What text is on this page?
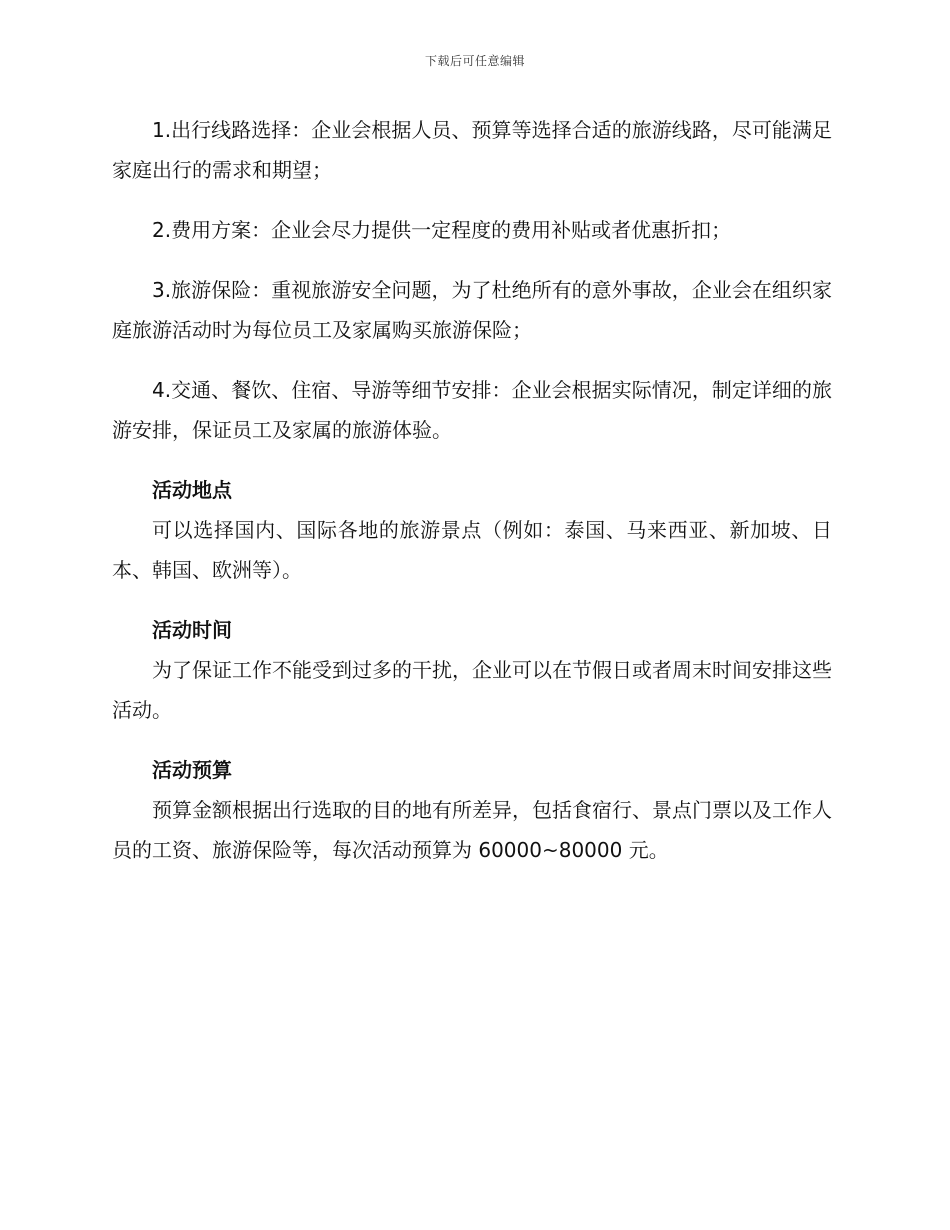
下载后可任意编辑

1.出行线路选择：企业会根据人员、预算等选择合适的旅游线路，尽可能满足家庭出行的需求和期望；

2.费用方案：企业会尽力提供一定程度的费用补贴或者优惠折扣；

3.旅游保险：重视旅游安全问题，为了杜绝所有的意外事故，企业会在组织家庭旅游活动时为每位员工及家属购买旅游保险；

4.交通、餐饮、住宿、导游等细节安排：企业会根据实际情况，制定详细的旅游安排，保证员工及家属的旅游体验。

活动地点

可以选择国内、国际各地的旅游景点（例如：泰国、马来西亚、新加坡、日本、韩国、欧洲等）。

活动时间

为了保证工作不能受到过多的干扰，企业可以在节假日或者周末时间安排这些活动。

活动预算

预算金额根据出行选取的目的地有所差异，包括食宿行、景点门票以及工作人员的工资、旅游保险等，每次活动预算为 60000~80000 元。
